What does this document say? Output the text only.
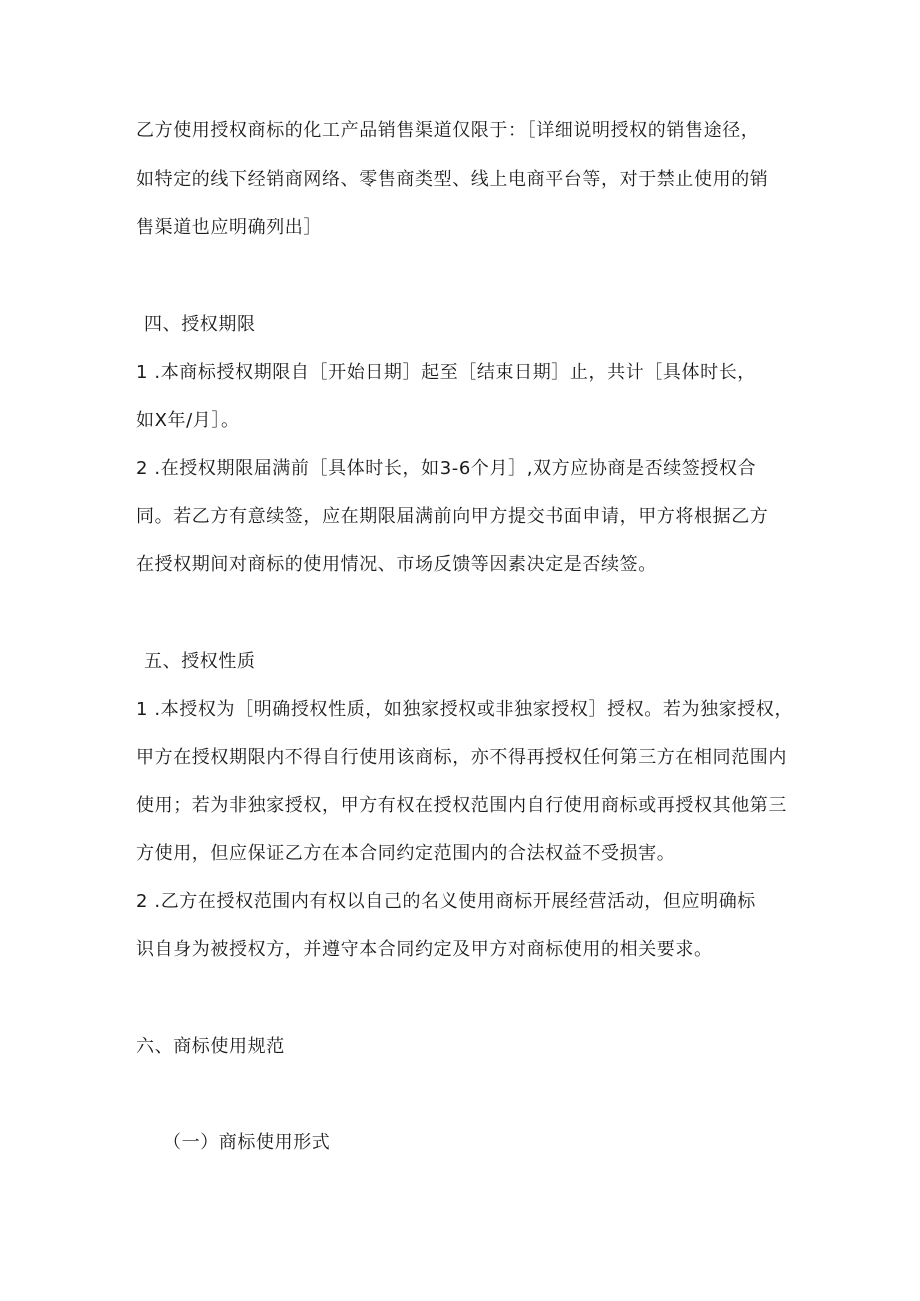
乙方使用授权商标的化工产品销售渠道仅限于：［详细说明授权的销售途径，
如特定的线下经销商网络、零售商类型、线上电商平台等，对于禁止使用的销
售渠道也应明确列出］
四、授权期限
1 .本商标授权期限自［开始日期］起至［结束日期］止，共计［具体时长，
如X年/月］。
2 .在授权期限届满前［具体时长，如3-6个月］,双方应协商是否续签授权合
同。若乙方有意续签，应在期限届满前向甲方提交书面申请，甲方将根据乙方
在授权期间对商标的使用情况、市场反馈等因素决定是否续签。
五、授权性质
1 .本授权为［明确授权性质，如独家授权或非独家授权］授权。若为独家授权，
甲方在授权期限内不得自行使用该商标，亦不得再授权任何第三方在相同范围内
使用；若为非独家授权，甲方有权在授权范围内自行使用商标或再授权其他第三
方使用，但应保证乙方在本合同约定范围内的合法权益不受损害。
2 .乙方在授权范围内有权以自己的名义使用商标开展经营活动，但应明确标
识自身为被授权方，并遵守本合同约定及甲方对商标使用的相关要求。
六、商标使用规范
（一）商标使用形式
